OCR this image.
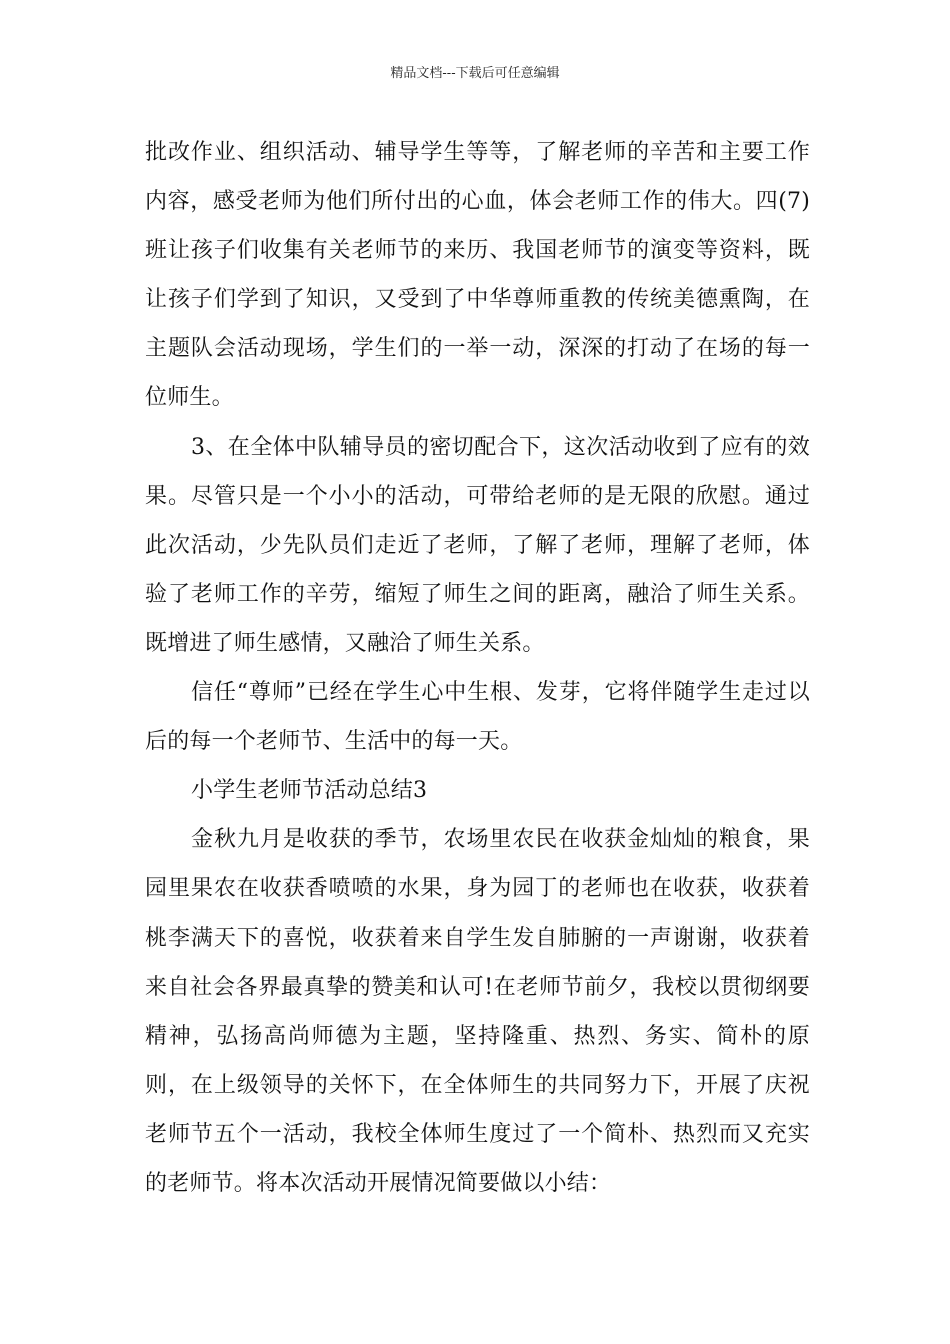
精品文档---下载后可任意编辑

批改作业、组织活动、辅导学生等等，了解老师的辛苦和主要工作内容，感受老师为他们所付出的心血，体会老师工作的伟大。四(7)班让孩子们收集有关老师节的来历、我国老师节的演变等资料，既让孩子们学到了知识，又受到了中华尊师重教的传统美德熏陶，在主题队会活动现场，学生们的一举一动，深深的打动了在场的每一位师生。

3、在全体中队辅导员的密切配合下，这次活动收到了应有的效果。尽管只是一个小小的活动，可带给老师的是无限的欣慰。通过此次活动，少先队员们走近了老师，了解了老师，理解了老师，体验了老师工作的辛劳，缩短了师生之间的距离，融洽了师生关系。既增进了师生感情，又融洽了师生关系。

信任“尊师”已经在学生心中生根、发芽，它将伴随学生走过以后的每一个老师节、生活中的每一天。

小学生老师节活动总结3

金秋九月是收获的季节，农场里农民在收获金灿灿的粮食，果园里果农在收获香喷喷的水果，身为园丁的老师也在收获，收获着桃李满天下的喜悦，收获着来自学生发自肺腑的一声谢谢，收获着来自社会各界最真挚的赞美和认可!在老师节前夕，我校以贯彻纲要精神，弘扬高尚师德为主题，坚持隆重、热烈、务实、简朴的原则，在上级领导的关怀下，在全体师生的共同努力下，开展了庆祝老师节五个一活动，我校全体师生度过了一个简朴、热烈而又充实的老师节。将本次活动开展情况简要做以小结：
